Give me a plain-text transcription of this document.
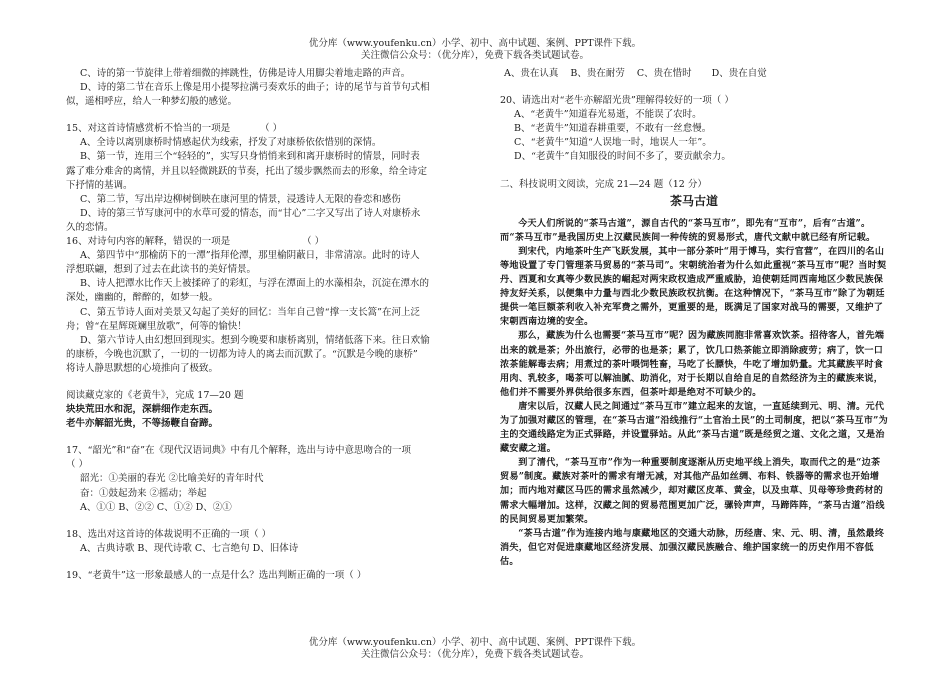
优分库（www.youfenku.cn）小学、初中、高中试题、案例、PPT课件下载。
关注微信公众号：（优分库），免费下载各类试题试卷。

C、诗的第一节旋律上带着细微的摔跳性，仿佛是诗人用脚尖着地走路的声音。

D、诗的第二节在音乐上像是用小提琴拉满弓奏欢乐的曲子；诗的尾节与首节句式相

似，遥相呼应，给人一种梦幻般的感觉。

15、对这首诗情感赏析不恰当的一项是	（ ）

A、全诗以离别康桥时情感起伏为线索，抒发了对康桥依依惜别的深情。

B、第一节，连用三个“轻轻的”，实写只身悄悄来到和离开康桥时的情景，同时表

露了难分难舍的离情，并且以轻微跳跃的节奏，托出了缓步飘然而去的形象，给全诗定

下抒情的基调。

C、第二节，写出岸边柳树倒映在康河里的情景，浸透诗人无限的眷恋和感伤

D、诗的第三节写康河中的水草可爱的情态，而“甘心”二字又写出了诗人对康桥永

久的恋情。

16、对诗句内容的解释，错误的一项是	（ ）

A、第四节中“那榆荫下的一潭”指拜伦潭，那里榆阴蔽日，非常清凉。此时的诗人

浮想联翩，想到了过去在此读书的美好情景。

B、诗人把潭水比作天上被揉碎了的彩虹，与浮在潭面上的水藻相杂，沉淀在潭水的

深处，幽幽的，醉醉的，如梦一般。

C、第五节诗人面对美景又勾起了美好的回忆：当年自己曾“撑一支长篙”在河上泛

舟；曾“在星辉斑斓里放歌”，何等的愉快！

D、第六节诗人由幻想回到现实。想到今晚要和康桥离别，情绪低落下来。往日欢愉

的康桥，今晚也沉默了，一切的一切都为诗人的离去而沉默了。“沉默是今晚的康桥”

将诗人静思默想的心境推向了极致。

阅读藏克家的《老黄牛》，完成 17—20 题

块块荒田水和泥，深耕细作走东西。

老牛亦解韶光贵，不等扬鞭自奋蹄。

17、“韶光”和“奋”在《现代汉语词典》中有几个解释，选出与诗中意思吻合的一项

（ ）

韶光：①美丽的春光 ②比喻美好的青年时代

奋：①鼓起劲来 ②摇动；举起

A、①① B、②② C、①② D、②①

18、选出对这首诗的体裁说明不正确的一项（ ）

A、古典诗歌 B、现代诗歌 C、七言绝句 D、旧体诗

19、“老黄牛”这一形象最感人的一点是什么？选出判断正确的一项（ ）

A、贵在认真 B、贵在耐劳 C、贵在惜时	D、贵在自觉

20、请选出对“老牛亦解韶光贵”理解得较好的一项（ ）

A、“老黄牛”知道春光易逝，不能误了农时。

B、“老黄牛”知道春耕重要，不敢有一丝怠慢。

C、“老黄牛”知道“人误地一时，地误人一年”。

D、“老黄牛”自知服役的时间不多了，要贡献余力。

二、科技说明文阅读，完成 21—24 题（12 分）

茶马古道

今天人们所说的“茶马古道”，源自古代的“茶马互市”，即先有“互市”，后有“古道”。而“茶马互市”是我国历史上汉藏民族间一种传统的贸易形式，唐代文献中就已经有所记载。

到宋代，内地茶叶生产飞跃发展，其中一部分茶叶“用于博马，实行官营”，在四川的名山等地设置了专门管理茶马贸易的“茶马司”。宋朝统治者为什么如此重视“茶马互市”呢？当时契丹、西夏和女真等少数民族的崛起对两宋政权造成严重威胁，迫使朝廷同西南地区少数民族保持友好关系，以便集中力量与西北少数民族政权抗衡。在这种情况下，“茶马互市”除了为朝廷提供一笔巨额茶利收入补充军费之需外，更重要的是，既满足了国家对战马的需要，又维护了宋朝西南边境的安全。

那么，藏族为什么也需要“茶马互市”呢？因为藏族同胞非常喜欢饮茶。招待客人，首先端出来的就是茶；外出旅行，必带的也是茶；累了，饮几口热茶能立即消除疲劳；病了，饮一口浓茶能解毒去病；用煮过的茶叶喂饲牲畜，马吃了长膘快，牛吃了增加奶量。尤其藏族平时食用肉、乳较多，喝茶可以解油腻、助消化，对于长期以自给自足的自然经济为主的藏族来说，他们并不需要外界供给很多东西，但茶叶却是绝对不可缺少的。

唐宋以后，汉藏人民之间通过“茶马互市”建立起来的友谊，一直延续到元、明、清。元代为了加强对藏区的管理，在“茶马古道”沿线推行“土官治土民”的土司制度，把以“茶马互市”为主的交通线路定为正式驿路，并设置驿站。从此“茶马古道”既是经贸之道、文化之道，又是治藏安藏之道。

到了清代，“茶马互市”作为一种重要制度逐渐从历史地平线上消失，取而代之的是“边茶贸易”制度。藏族对茶叶的需求有增无减，对其他产品如丝绸、布料、铁器等的需求也开始增加；而内地对藏区马匹的需求虽然减少，却对藏区皮革、黄金，以及虫草、贝母等珍贵药材的需求大幅增加。这样，汉藏之间的贸易范围更加广泛，骡铃声声，马蹄阵阵，“茶马古道”沿线的民间贸易更加繁荣。

“茶马古道”作为连接内地与康藏地区的交通大动脉，历经唐、宋、元、明、清，虽然最终消失，但它对促进康藏地区经济发展、加强汉藏民族融合、维护国家统一的历史作用不容低估。

优分库（www.youfenku.cn）小学、初中、高中试题、案例、PPT课件下载。
关注微信公众号：（优分库），免费下载各类试题试卷。
